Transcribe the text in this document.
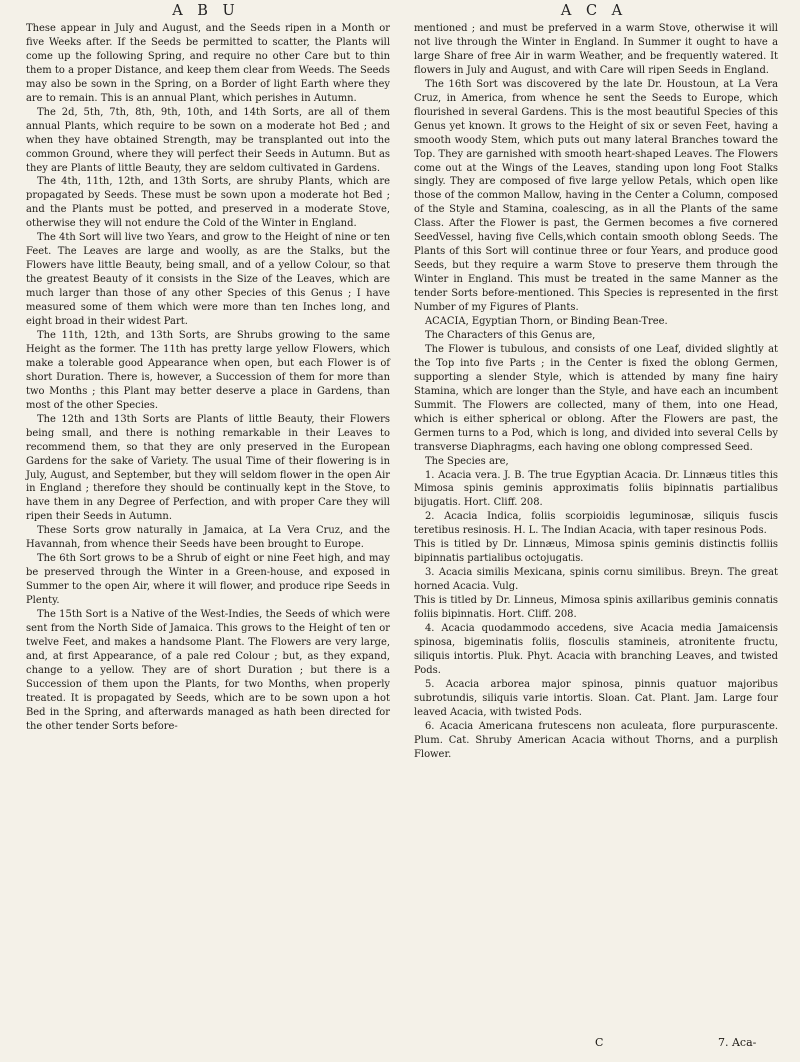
A B U	A C A

These appear in July and August, and the Seeds ripen in a Month or five Weeks after. If the Seeds be permitted to scatter, the Plants will come up the following Spring, and require no other Care but to thin them to a proper Distance, and keep them clear from Weeds. The Seeds may also be sown in the Spring, on a Border of light Earth where they are to remain. This is an annual Plant, which perishes in Autumn.

The 2d, 5th, 7th, 8th, 9th, 10th, and 14th Sorts, are all of them annual Plants, which require to be sown on a moderate hot Bed ; and when they have obtained Strength, may be transplanted out into the common Ground, where they will perfect their Seeds in Autumn. But as they are Plants of little Beauty, they are seldom cultivated in Gardens.

The 4th, 11th, 12th, and 13th Sorts, are shruby Plants, which are propagated by Seeds. These must be sown upon a moderate hot Bed ; and the Plants must be potted, and preserved in a moderate Stove, otherwise they will not endure the Cold of the Winter in England.

The 4th Sort will live two Years, and grow to the Height of nine or ten Feet. The Leaves are large and woolly, as are the Stalks, but the Flowers have little Beauty, being small, and of a yellow Colour, so that the greatest Beauty of it consists in the Size of the Leaves, which are much larger than those of any other Species of this Genus ; I have measured some of them which were more than ten Inches long, and eight broad in their widest Part.

The 11th, 12th, and 13th Sorts, are Shrubs growing to the same Height as the former. The 11th has pretty large yellow Flowers, which make a tolerable good Appearance when open, but each Flower is of short Duration. There is, however, a Succession of them for more than two Months ; this Plant may better deserve a place in Gardens, than most of the other Species.

The 12th and 13th Sorts are Plants of little Beauty, their Flowers being small, and there is nothing remarkable in their Leaves to recommend them, so that they are only preserved in the European Gardens for the sake of Variety. The usual Time of their flowering is in July, August, and September, but they will seldom flower in the open Air in England ; therefore they should be continually kept in the Stove, to have them in any Degree of Perfection, and with proper Care they will ripen their Seeds in Autumn.

These Sorts grow naturally in Jamaica, at La Vera Cruz, and the Havannah, from whence their Seeds have been brought to Europe.

The 6th Sort grows to be a Shrub of eight or nine Feet high, and may be preserved through the Winter in a Green-house, and exposed in Summer to the open Air, where it will flower, and produce ripe Seeds in Plenty.

The 15th Sort is a Native of the West-Indies, the Seeds of which were sent from the North Side of Jamaica. This grows to the Height of ten or twelve Feet, and makes a handsome Plant. The Flowers are very large, and, at first Appearance, of a pale red Colour ; but, as they expand, change to a yellow. They are of short Duration ; but there is a Succession of them upon the Plants, for two Months, when properly treated. It is propagated by Seeds, which are to be sown upon a hot Bed in the Spring, and afterwards managed as hath been directed for the other tender Sorts before-

mentioned ; and must be preferved in a warm Stove, otherwise it will not live through the Winter in England. In Summer it ought to have a large Share of free Air in warm Weather, and be frequently watered. It flowers in July and August, and with Care will ripen Seeds in England.

The 16th Sort was discovered by the late Dr. Houstoun, at La Vera Cruz, in America, from whence he sent the Seeds to Europe, which flourished in several Gardens. This is the most beautiful Species of this Genus yet known. It grows to the Height of six or seven Feet, having a smooth woody Stem, which puts out many lateral Branches toward the Top. They are garnished with smooth heart-shaped Leaves. The Flowers come out at the Wings of the Leaves, standing upon long Foot Stalks singly. They are composed of five large yellow Petals, which open like those of the common Mallow, having in the Center a Column, composed of the Style and Stamina, coalescing, as in all the Plants of the same Class. After the Flower is past, the Germen becomes a five cornered SeedVessel, having five Cells,which contain smooth oblong Seeds. The Plants of this Sort will continue three or four Years, and produce good Seeds, but they require a warm Stove to preserve them through the Winter in England. This must be treated in the same Manner as the tender Sorts before-mentioned. This Species is represented in the first Number of my Figures of Plants.

ACACIA, Egyptian Thorn, or Binding Bean-Tree.

The Characters of this Genus are,

The Flower is tubulous, and consists of one Leaf, divided slightly at the Top into five Parts ; in the Center is fixed the oblong Germen, supporting a slender Style, which is attended by many fine hairy Stamina, which are longer than the Style, and have each an incumbent Summit. The Flowers are collected, many of them, into one Head, which is either spherical or oblong. After the Flowers are past, the Germen turns to a Pod, which is long, and divided into several Cells by transverse Diaphragms, each having one oblong compressed Seed.

The Species are,

1. Acacia vera. J. B. The true Egyptian Acacia. Dr. Linnæus titles this Mimosa spinis geminis approximatis foliis bipinnatis partialibus bijugatis. Hort. Cliff. 208.

2. Acacia Indica, foliis scorpioidis leguminosæ, siliquis fuscis teretibus resinosis. H. L. The Indian Acacia, with taper resinous Pods.

This is titled by Dr. Linnæus, Mimosa spinis geminis distinctis folliis bipinnatis partialibus octojugatis.

3. Acacia similis Mexicana, spinis cornu similibus. Breyn. The great horned Acacia. Vulg.

This is titled by Dr. Linneus, Mimosa spinis axillaribus geminis connatis foliis bipinnatis. Hort. Cliff. 208.

4. Acacia quodammodo accedens, sive Acacia media Jamaicensis spinosa, bigeminatis foliis, flosculis stamineis, atronitente fructu, siliquis intortis. Pluk. Phyt. Acacia with branching Leaves, and twisted Pods.

5. Acacia arborea major spinosa, pinnis quatuor majoribus subrotundis, siliquis varie intortis. Sloan. Cat. Plant. Jam. Large four leaved Acacia, with twisted Pods.

6. Acacia Americana frutescens non aculeata, flore purpurascente. Plum. Cat. Shruby American Acacia without Thorns, and a purplish Flower.

C	7. Aca-
